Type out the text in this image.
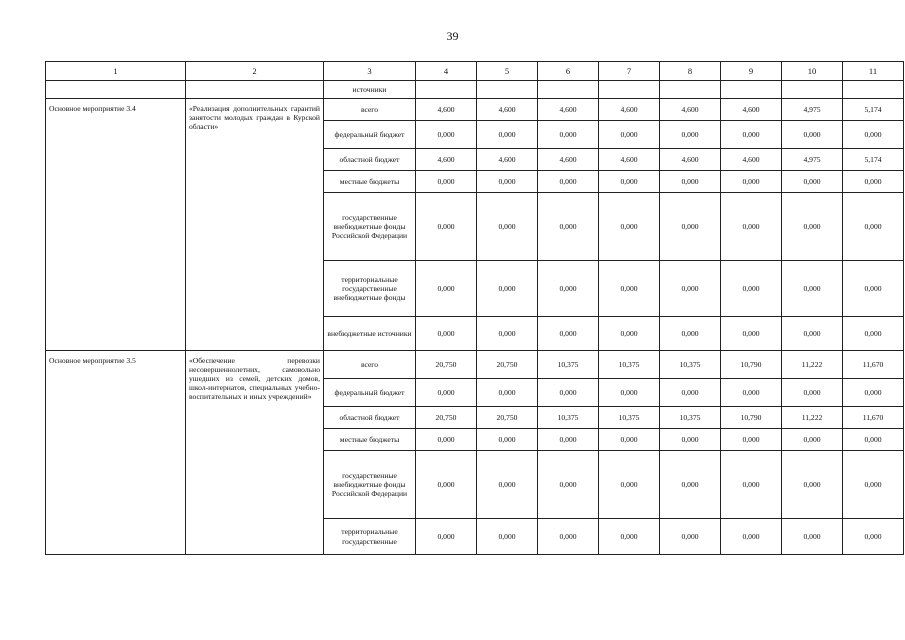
39
1	2	3	4	5	6	7	8	9	10	11
		источники								
Основное мероприятие 3.4	«Реализация дополнительных гарантий занятости молодых граждан в Курской области»	всего	4,600	4,600	4,600	4,600	4,600	4,600	4,975	5,174
		федеральный бюджет	0,000	0,000	0,000	0,000	0,000	0,000	0,000	0,000
		областной бюджет	4,600	4,600	4,600	4,600	4,600	4,600	4,975	5,174
		местные бюджеты	0,000	0,000	0,000	0,000	0,000	0,000	0,000	0,000
		государственные внебюджетные фонды Российской Федерации	0,000	0,000	0,000	0,000	0,000	0,000	0,000	0,000
		территориальные государственные внебюджетные фонды	0,000	0,000	0,000	0,000	0,000	0,000	0,000	0,000
		внебюджетные источники	0,000	0,000	0,000	0,000	0,000	0,000	0,000	0,000
Основное мероприятие 3.5	«Обеспечение перевозки несовершеннолетних, самовольно ушедших из семей, детских домов, школ-интернатов, специальных учебно-воспитательных и иных учреждений»	всего	20,750	20,750	10,375	10,375	10,375	10,790	11,222	11,670
		федеральный бюджет	0,000	0,000	0,000	0,000	0,000	0,000	0,000	0,000
		областной бюджет	20,750	20,750	10,375	10,375	10,375	10,790	11,222	11,670
		местные бюджеты	0,000	0,000	0,000	0,000	0,000	0,000	0,000	0,000
		государственные внебюджетные фонды Российской Федерации	0,000	0,000	0,000	0,000	0,000	0,000	0,000	0,000
		территориальные государственные	0,000	0,000	0,000	0,000	0,000	0,000	0,000	0,000
